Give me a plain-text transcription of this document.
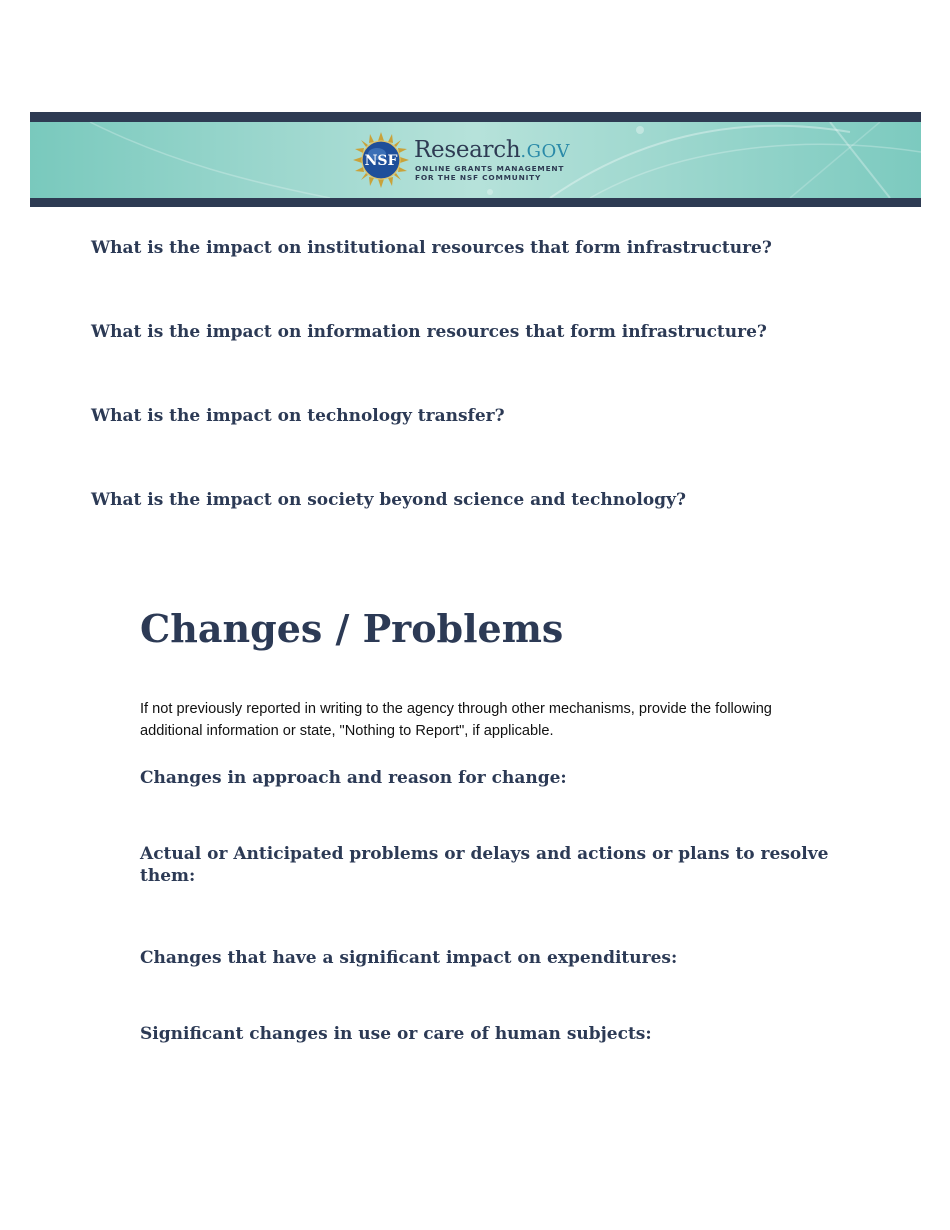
NSF Research.GOV
ONLINE GRANTS MANAGEMENT
FOR THE NSF COMMUNITY
What is the impact on institutional resources that form infrastructure?
What is the impact on information resources that form infrastructure?
What is the impact on technology transfer?
What is the impact on society beyond science and technology?
Changes / Problems

If not previously reported in writing to the agency through other mechanisms, provide the following additional information or state, "Nothing to Report", if applicable.

Changes in approach and reason for change:
Actual or Anticipated problems or delays and actions or plans to resolve them:
Changes that have a significant impact on expenditures:
Significant changes in use or care of human subjects:
